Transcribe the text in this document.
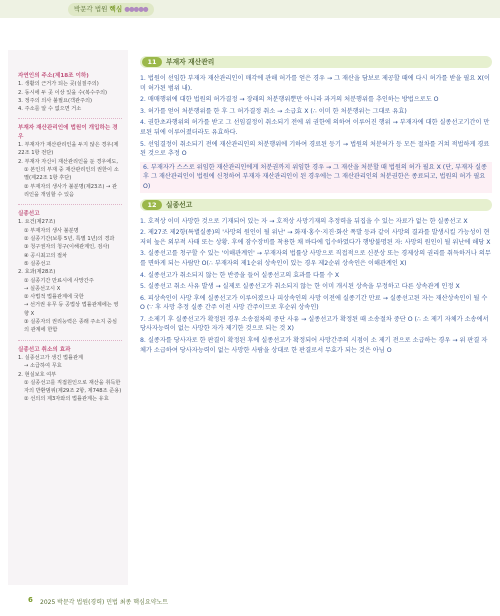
박문각 법원 핵심 ●●●●●
자연인의 주소(제18조 이하)
1. 생활의 근거가 되는 곳(실질주의)
2. 동시에 두 곳 이상 있을 수(복수주의)
3. 정주의 의사 불필요(객관주의)
4. 주소를 알 수 없으면 거소
부재자 재산관리인에 법원이 개입하는 경우
1. 부재자가 재산관리인을 두지 않은 경우(제22조 1항 전단)
2. 부재자 자신이 재산관리인을 둔 경우에도,
① 본인의 부재 중 재산관리인의 권한이 소멸(제22조 1항 후단)
② 부재자의 생사가 불분명(제23조) → 관리인을 개임할 수 있음
실종선고
1. 요건(제27조)
① 부재자의 생사 불분명
② 실종기간(보통 5년, 특별 1년)의 경과
③ 청구권자의 청구(이해관계인, 검사)
④ 공시최고의 절차
⑤ 실종선고
2. 효과(제28조)
① 실종기간 만료시에 사망간주
→ 실종선고시 X
② 사법적 법률관계에 국한
→ 선거권 유무 등 공법상 법률관계에는 영향 X
③ 실종자의 권리능력은 종래 주소지 중심의 관계에 한함
실종선고 취소의 효과
1. 실종선고가 생긴 법률관계
→ 소급하여 무효
2. 현실보호 여부
① 실종선고를 직접원인으로 재산을 취득한 자의 반환범위(제29조 2항, 제748조 준용)
② 선의의 제3자와의 법률관계는 유효
11	부재자 재산관리
1. 법원이 선임한 부재자 재산관리인이 매각에 관해 허가를 얻은 경우 → 그 재산을 담보로 제공할 때에 다시 허가를 받을 필요 X(이미 허가된 범위 내).
2. 매매행위에 대한 법원의 허가결정 → 장래의 처분행위뿐만 아니라 과거의 처분행위를 추인하는 방법으로도 O
3. 허가를 얻어 처분행위를 한 후 그 허가결정 취소 → 소급효 X (∴ 이미 한 처분행위는 그대로 유효)
4. 권한초과행위의 허가를 받고 그 선임결정이 취소되기 전에 위 권한에 의하여 이루어진 행위 → 부재자에 대한 실종선고기간이 만료된 뒤에 이루어졌더라도 유효하다.
5. 선임결정이 취소되기 전에 재산관리인의 처분행위에 기하여 경료된 등기 → 법원의 처분허가 등 모든 절차를 거쳐 적법하게 경료된 것으로 추정 O
6. 부재자가 스스로 위임한 재산관리인에게 처분권까지 위임한 경우 → 그 재산을 처분할 때 법원의 허가 필요 X (단, 부재자 실종 후 그 재산관리인이 법원에 신청하여 부재자 재산관리인이 된 경우에는 그 재산관리인의 처분권한은 종료되고, 법원의 허가 필요 O)
12	실종선고
1. 호적상 이미 사망한 것으로 기재되어 있는 자 → 호적상 사망기재의 추정력을 뒤집을 수 있는 자료가 없는 한 실종선고 X
2. 제27조 제2항(특별실종)의 '사망의 원인이 될 위난' → 화재·홍수·지진·화산 폭발 등과 같이 사망의 결과를 발생시킬 가능성이 현저히 높은 외부적 사태 또는 상황. 후에 잠수장비를 착용한 채 바다에 입수하였다가 행방불명된 자: 사망의 원인이 될 위난에 해당 X
3. 실종선고를 청구할 수 있는 '이해관계인' → 부재자의 법률상 사망으로 직접적으로 신분상 또는 경제상의 권리를 취득하거나 의무를 면하게 되는 사람만 O(∴ 부재자의 제1순위 상속인이 있는 경우 제2순위 상속인은 이해관계인 X)
4. 실종선고가 취소되지 않는 한 반증을 들어 실종선고의 효과를 다툴 수 X
5. 실종선고 취소 사유 발생 → 실제로 실종선고가 취소되지 않는 한 이미 개시된 상속을 부정하고 다른 상속관계 인정 X
6. 피상속인이 사망 후에 실종선고가 이루어졌으나 피상속인의 사망 이전에 실종기간 만료 → 실종선고된 자는 재산상속인이 될 수 O (∵ 후 사망 추정 실종 간주 이전 사망 간주이므로 후순위 상속인)
7. 소제기 후 실종선고가 확정된 경우 소송절차의 중단 사유 → 실종선고가 확정된 때 소송절차 중단 O (∴ 소 제기 자체가 소송에서 당사자능력이 없는 사망한 자가 제기한 것으로 되는 것 X)
8. 실종자를 당사자로 한 판결이 확정된 후에 실종선고가 확정되어 사망간주의 시점이 소 제기 전으로 소급하는 경우 → 위 판결 자체가 소급하여 당사자능력이 없는 사망한 사람을 상대로 한 판결로서 무효가 되는 것은 아님 O
6 2025 박문각 법원(경력) 민법 최종 핵심요약노트
